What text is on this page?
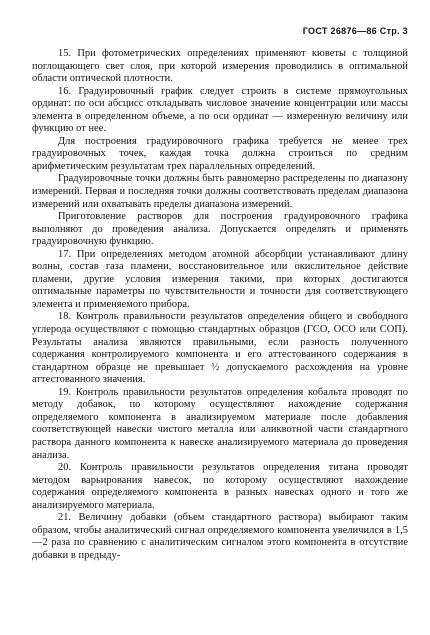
ГОСТ 26876—86 Стр. 3

15. При фотометрических определениях применяют кюветы с толщиной поглощающего свет слоя, при которой измерения проводились в оптимальной области оптической плотности.

16. Градуировочный график следует строить в системе прямоугольных ординат: по оси абсцисс откладывать числовое значение концентрации или массы элемента в определенном объеме, а по оси ординат — измеренную величину или функцию от нее.

Для построения градуировочного графика требуется не менее трех градуировочных точек, каждая точка должна строиться по средним арифметическим результатам трех параллельных определений.

Градуировочные точки должны быть равномерно распределены по диапазону измерений. Первая и последняя точки должны соответствовать пределам диапазона измерений или охватывать пределы диапазона измерений.

Приготовление растворов для построения градуировочного графика выполняют до проведения анализа. Допускается определять и применять градуировочную функцию.

17. При определениях методом атомной абсорбции устанавливают длину волны, состав газа пламени, восстановительное или окислительное действие пламени, другие условия измерения такими, при которых достигаются оптимальные параметры по чувствительности и точности для соответствующего элемента и применяемого прибора.

18. Контроль правильности результатов определения общего и свободного углерода осуществляют с помощью стандартных образцов (ГСО, ОСО или СОП). Результаты анализа являются правильными, если разность полученного содержания контролируемого компонента и его аттестованного содержания в стандартном образце не превышает ½ допускаемого расхождения на уровне аттестованного значения.

19. Контроль правильности результатов определения кобальта проводят по методу добавок, по которому осуществляют нахождение содержания определяемого компонента в анализируемом материале после добавления соответствующей навески чистого металла или аликвотной части стандартного раствора данного компонента к навеске анализируемого материала до проведения анализа.

20. Контроль правильности результатов определения титана проводят методом варьирования навесок, по которому осуществляют нахождение содержания определяемого компонента в разных навесках одного и того же анализируемого материала.

21. Величину добавки (объем стандартного раствора) выбирают таким образом, чтобы аналитический сигнал определяемого компонента увеличился в 1,5—2 раза по сравнению с аналитическим сигналом этого компонента в отсутствие добавки в предыду-
